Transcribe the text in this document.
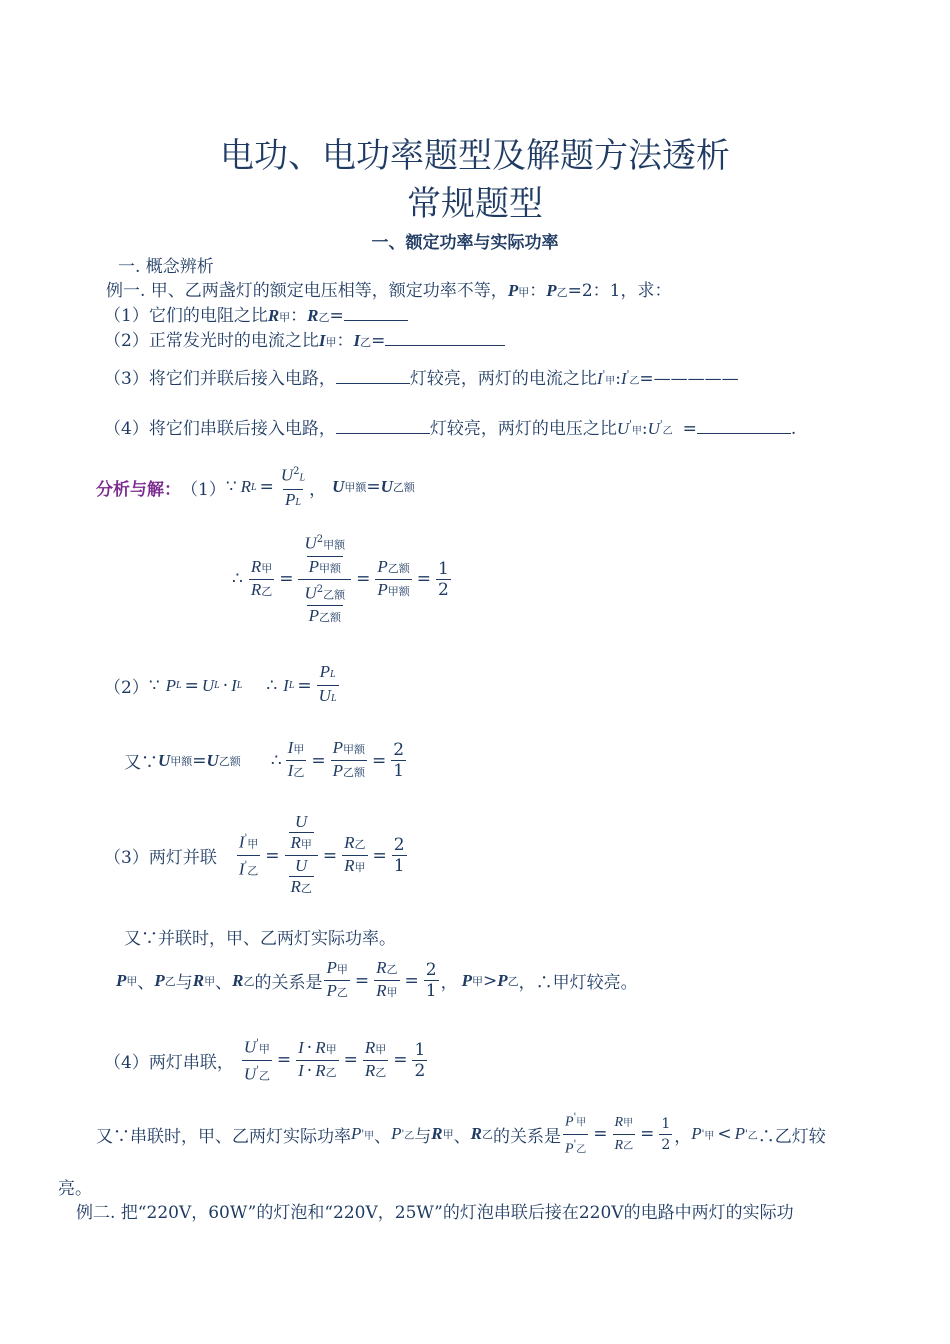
电功、电功率题型及解题方法透析
常规题型
一、额定功率与实际功率
一. 概念辨析
例一. 甲、乙两盏灯的额定电压相等，额定功率不等，P甲：P乙=2：1，求：
（1）它们的电阻之比R甲：R乙=
（2）正常发光时的电流之比I甲：I乙=
（3）将它们并联后接入电路，	灯较亮，两灯的电流之比I'甲:I'乙=—————
（4）将它们串联后接入电路，	灯较亮，两灯的电压之比U'甲:U'乙 =	.
分析与解： （1） ∵ R $L = \frac{U^2L}{PL}$ ， U 甲额 = U 乙额
∴ $\frac{\text{R甲}}{\text{R乙}} = \frac{\frac{U^2甲额}{\text{P甲额}}}{\frac{U^2乙额}{\text{P乙额}}} = \frac{\text{P乙额}}{\text{P甲额}} = \frac{1}{2}$
（2） ∵ P L = U L · I L ∴ I $L = \frac{PL}{UL}$
又∵ U 甲额 = U 乙额 ∴ $\frac{\text{I甲}}{\text{I乙}} = \frac{\text{P甲额}}{\text{P乙额}} = \frac{2}{1}$
（3）两灯并联 $\frac{I'甲}{I'乙} = \frac{\frac{U}{\text{R甲}}}{\frac{U}{\text{R乙}}} = \frac{\text{R乙}}{\text{R甲}} = \frac{2}{1}$
又∵并联时，甲、乙两灯实际功率。
P 甲 、 P 乙 与 R 甲 、 R 乙 的关系是 $\frac{\text{P甲}}{\text{P乙}} = \frac{\text{R乙}}{\text{R甲}} = \frac{2}{1}$ ， P 甲 > P 乙 ， ∴甲灯较亮。
（4）两灯串联， $\frac{U'甲}{U'乙} = \frac{\text{I · R甲}}{\text{I · R乙}} = \frac{\text{R甲}}{\text{R乙}} = \frac{1}{2}$
又∵串联时，甲、乙两灯实际功率 P ' 甲 、 P ' 乙 与 R 甲 、 R 乙 的关系是 $\frac{P'甲}{P'乙} = \frac{\text{R甲}}{\text{R乙}} = \frac{1}{2}$ ， P ' 甲 < P ' 乙 ∴乙灯较
亮。
例二. 把“220V，60W”的灯泡和“220V，25W”的灯泡串联后接在220V的电路中两灯的实际功
